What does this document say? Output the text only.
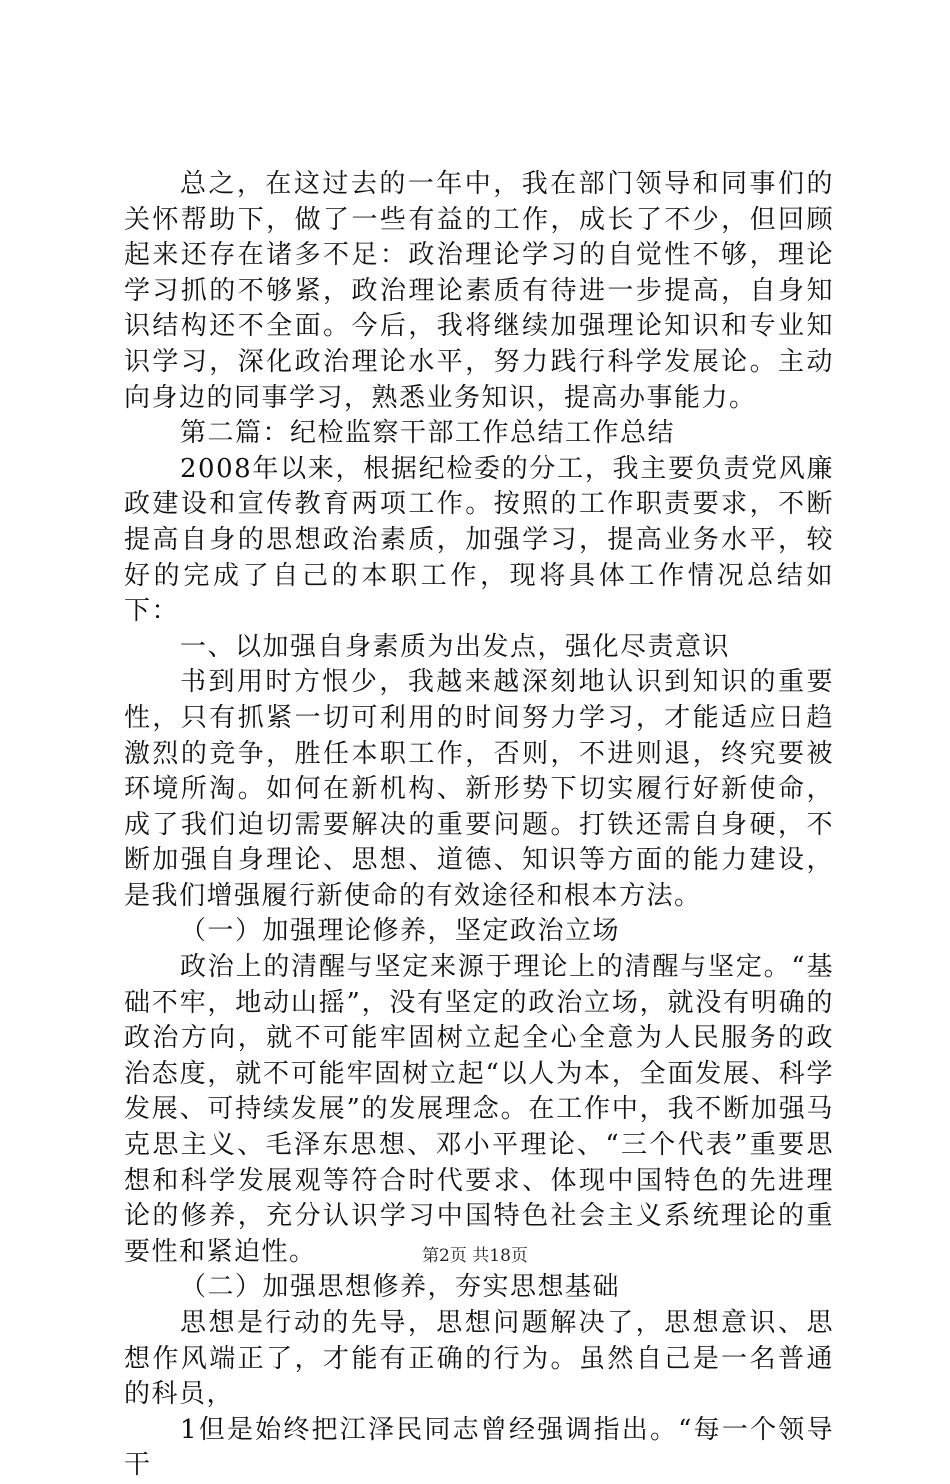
总之，在这过去的一年中，我在部门领导和同事们的关怀帮助下，做了一些有益的工作，成长了不少，但回顾起来还存在诸多不足：政治理论学习的自觉性不够，理论学习抓的不够紧，政治理论素质有待进一步提高，自身知识结构还不全面。今后，我将继续加强理论知识和专业知识学习，深化政治理论水平，努力践行科学发展论。主动向身边的同事学习，熟悉业务知识，提高办事能力。

第二篇：纪检监察干部工作总结工作总结

2008年以来，根据纪检委的分工，我主要负责党风廉政建设和宣传教育两项工作。按照的工作职责要求，不断提高自身的思想政治素质，加强学习，提高业务水平，较好的完成了自己的本职工作，现将具体工作情况总结如下：

一、以加强自身素质为出发点，强化尽责意识

书到用时方恨少，我越来越深刻地认识到知识的重要性，只有抓紧一切可利用的时间努力学习，才能适应日趋激烈的竞争，胜任本职工作，否则，不进则退，终究要被环境所淘。如何在新机构、新形势下切实履行好新使命，成了我们迫切需要解决的重要问题。打铁还需自身硬，不断加强自身理论、思想、道德、知识等方面的能力建设，是我们增强履行新使命的有效途径和根本方法。

（一）加强理论修养，坚定政治立场

政治上的清醒与坚定来源于理论上的清醒与坚定。“基础不牢，地动山摇”，没有坚定的政治立场，就没有明确的政治方向，就不可能牢固树立起全心全意为人民服务的政治态度，就不可能牢固树立起“以人为本，全面发展、科学发展、可持续发展”的发展理念。在工作中，我不断加强马克思主义、毛泽东思想、邓小平理论、“三个代表”重要思想和科学发展观等符合时代要求、体现中国特色的先进理论的修养，充分认识学习中国特色社会主义系统理论的重要性和紧迫性。

（二）加强思想修养，夯实思想基础

思想是行动的先导，思想问题解决了，思想意识、思想作风端正了，才能有正确的行为。虽然自己是一名普通的科员，

1但是始终把江泽民同志曾经强调指出。“每一个领导干

第2页 共18页
